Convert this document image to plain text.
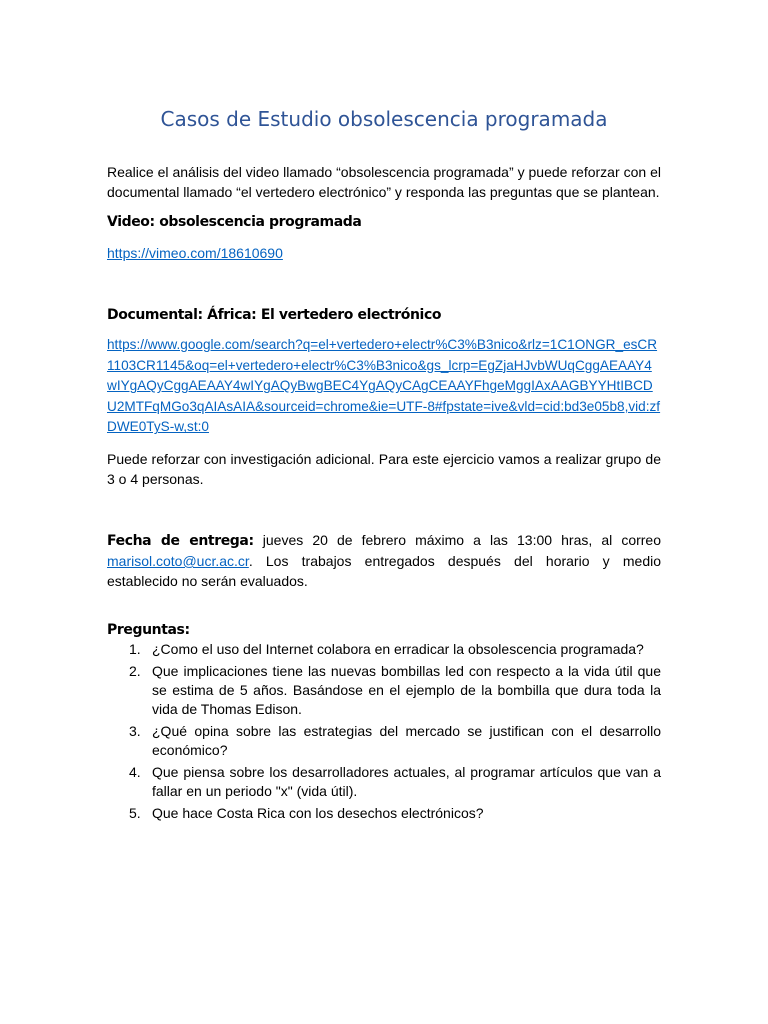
Casos de Estudio obsolescencia programada

Realice el análisis del video llamado “obsolescencia programada” y puede reforzar con el documental llamado “el vertedero electrónico” y responda las preguntas que se plantean.

Video: obsolescencia programada

https://vimeo.com/18610690

Documental: África: El vertedero electrónico

https://www.google.com/search?q=el+vertedero+electr%C3%B3nico&rlz=1C1ONGR_esCR1103CR1145&oq=el+vertedero+electr%C3%B3nico&gs_lcrp=EgZjaHJvbWUqCggAEAAY4wIYgAQyCggAEAAY4wIYgAQyBwgBEC4YgAQyCAgCEAAYFhgeMggIAxAAGBYYHtIBCDU2MTFqMGo3qAIAsAIA&sourceid=chrome&ie=UTF-8#fpstate=ive&vld=cid:bd3e05b8,vid:zfDWE0TyS-w,st:0

Puede reforzar con investigación adicional. Para este ejercicio vamos a realizar grupo de 3 o 4 personas.

Fecha de entrega: jueves 20 de febrero máximo a las 13:00 hras, al correo marisol.coto@ucr.ac.cr. Los trabajos entregados después del horario y medio establecido no serán evaluados.

Preguntas:

1. ¿Como el uso del Internet colabora en erradicar la obsolescencia programada?
2. Que implicaciones tiene las nuevas bombillas led con respecto a la vida útil que se estima de 5 años. Basándose en el ejemplo de la bombilla que dura toda la vida de Thomas Edison.
3. ¿Qué opina sobre las estrategias del mercado se justifican con el desarrollo económico?
4. Que piensa sobre los desarrolladores actuales, al programar artículos que van a fallar en un periodo "x" (vida útil).
5. Que hace Costa Rica con los desechos electrónicos?
